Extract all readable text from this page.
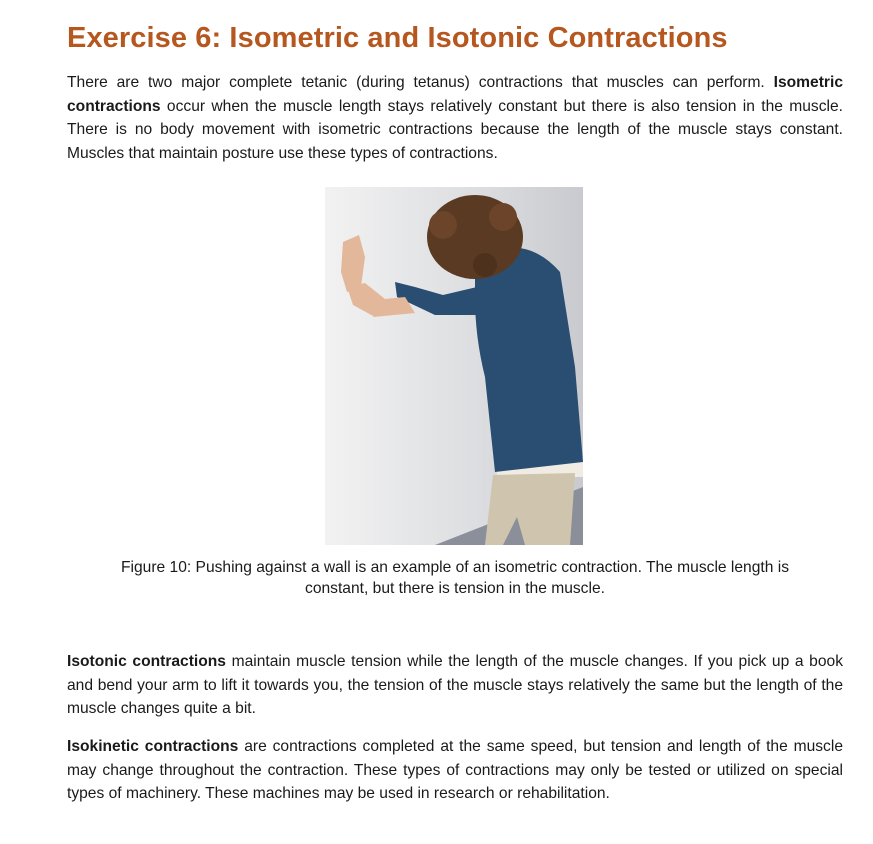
Exercise 6: Isometric and Isotonic Contractions

There are two major complete tetanic (during tetanus) contractions that muscles can perform. Isometric contractions occur when the muscle length stays relatively constant but there is also tension in the muscle. There is no body movement with isometric contractions because the length of the muscle stays constant. Muscles that maintain posture use these types of contractions.

Figure 10: Pushing against a wall is an example of an isometric contraction. The muscle length is constant, but there is tension in the muscle.

Isotonic contractions maintain muscle tension while the length of the muscle changes. If you pick up a book and bend your arm to lift it towards you, the tension of the muscle stays relatively the same but the length of the muscle changes quite a bit.

Isokinetic contractions are contractions completed at the same speed, but tension and length of the muscle may change throughout the contraction. These types of contractions may only be tested or utilized on special types of machinery. These machines may be used in research or rehabilitation.
